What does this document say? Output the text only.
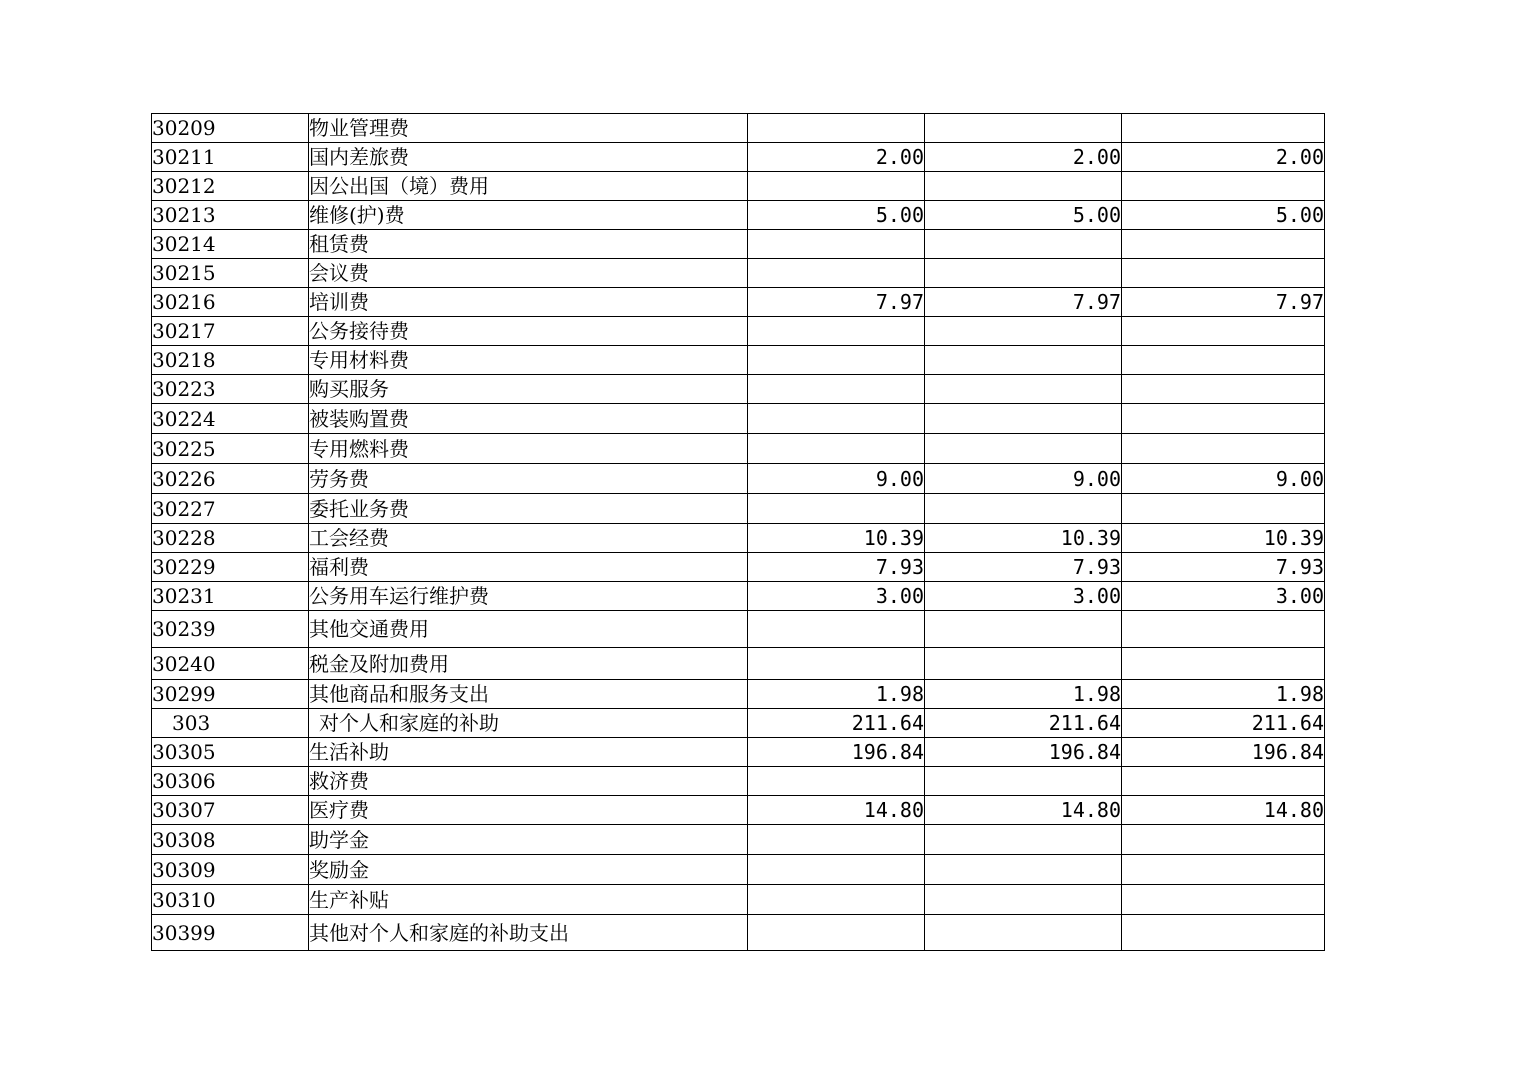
30209	物业管理费			
30211	国内差旅费	2.00	2.00	2.00
30212	因公出国（境）费用			
30213	维修(护)费	5.00	5.00	5.00
30214	租赁费			
30215	会议费			
30216	培训费	7.97	7.97	7.97
30217	公务接待费			
30218	专用材料费			
30223	购买服务			
30224	被装购置费			
30225	专用燃料费			
30226	劳务费	9.00	9.00	9.00
30227	委托业务费			
30228	工会经费	10.39	10.39	10.39
30229	福利费	7.93	7.93	7.93
30231	公务用车运行维护费	3.00	3.00	3.00
30239	其他交通费用			
30240	税金及附加费用			
30299	其他商品和服务支出	1.98	1.98	1.98
303	对个人和家庭的补助	211.64	211.64	211.64
30305	生活补助	196.84	196.84	196.84
30306	救济费			
30307	医疗费	14.80	14.80	14.80
30308	助学金			
30309	奖励金			
30310	生产补贴			
30399	其他对个人和家庭的补助支出			
